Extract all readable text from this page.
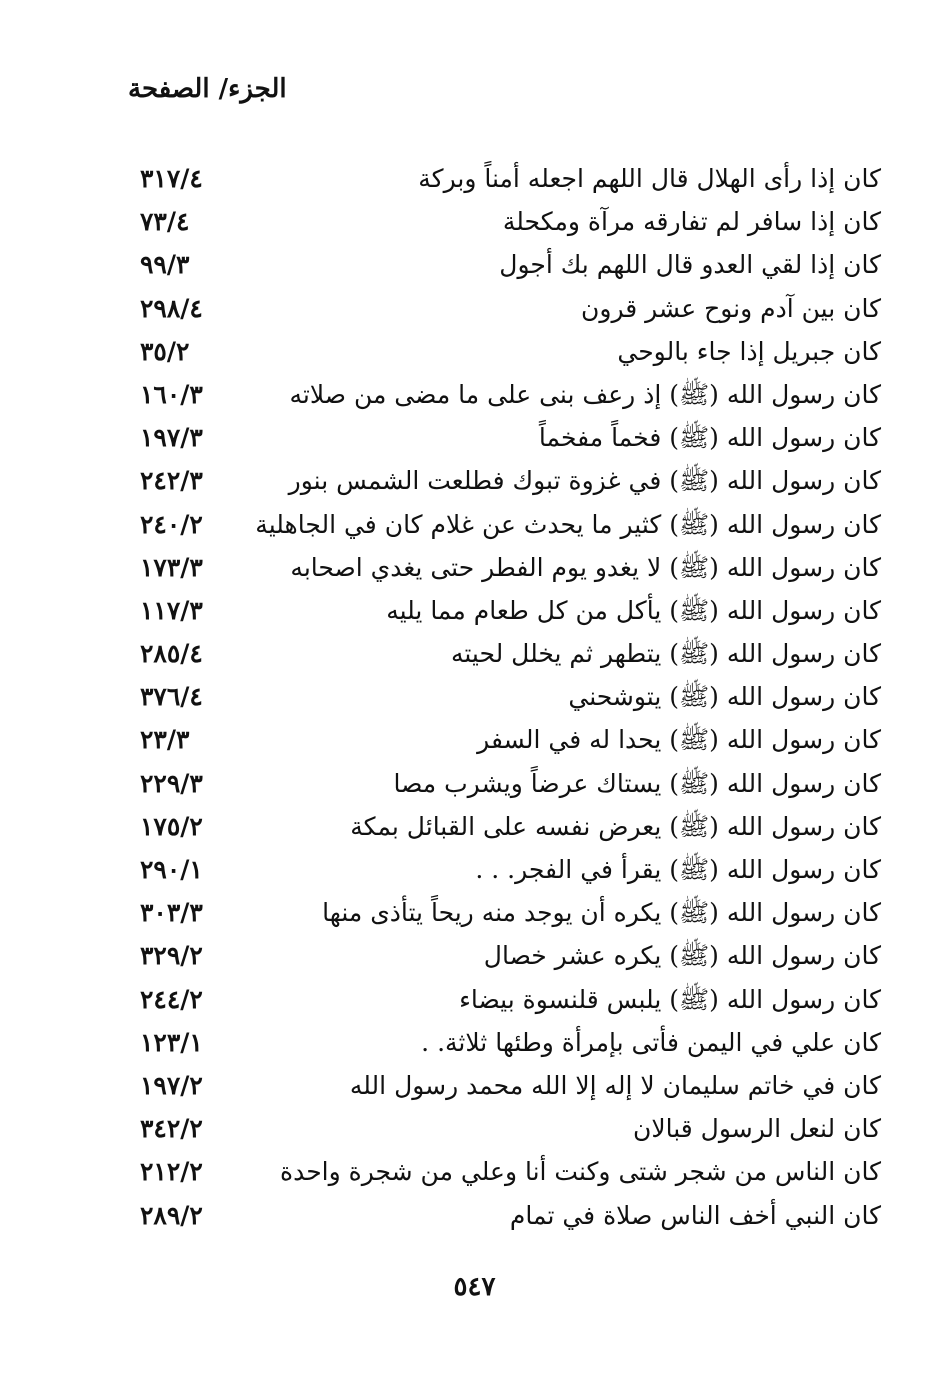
الجزء/ الصفحة
كان إذا رأى الهلال قال اللهم اجعله أمناً وبركة
٣١٧/٤
كان إذا سافر لم تفارقه مرآة ومكحلة
٧٣/٤
كان إذا لقي العدو قال اللهم بك أجول
٩٩/٣
كان بين آدم ونوح عشر قرون
٢٩٨/٤
كان جبريل إذا جاء بالوحي
٣٥/٢
كان رسول الله (ﷺ) إذ رعف بنى على ما مضى من صلاته
١٦٠/٣
كان رسول الله (ﷺ) فخماً مفخماً
١٩٧/٣
كان رسول الله (ﷺ) في غزوة تبوك فطلعت الشمس بنور
٢٤٢/٣
كان رسول الله (ﷺ) كثير ما يحدث عن غلام كان في الجاهلية
٢٤٠/٢
كان رسول الله (ﷺ) لا يغدو يوم الفطر حتى يغدي اصحابه
١٧٣/٣
كان رسول الله (ﷺ) يأكل من كل طعام مما يليه
١١٧/٣
كان رسول الله (ﷺ) يتطهر ثم يخلل لحيته
٢٨٥/٤
كان رسول الله (ﷺ) يتوشحني
٣٧٦/٤
كان رسول الله (ﷺ) يحدا له في السفر
٢٣/٣
كان رسول الله (ﷺ) يستاك عرضاً ويشرب مصا
٢٢٩/٣
كان رسول الله (ﷺ) يعرض نفسه على القبائل بمكة
١٧٥/٢
كان رسول الله (ﷺ) يقرأ في الفجر. . .
٢٩٠/١
كان رسول الله (ﷺ) يكره أن يوجد منه ريحاً يتأذى منها
٣٠٣/٣
كان رسول الله (ﷺ) يكره عشر خصال
٣٢٩/٢
كان رسول الله (ﷺ) يلبس قلنسوة بيضاء
٢٤٤/٢
كان علي في اليمن فأتى بإمرأة وطئها ثلاثة. .
١٢٣/١
كان في خاتم سليمان لا إله إلا الله محمد رسول الله
١٩٧/٢
كان لنعل الرسول قبالان
٣٤٢/٢
كان الناس من شجر شتى وكنت أنا وعلي من شجرة واحدة
٢١٢/٢
كان النبي أخف الناس صلاة في تمام
٢٨٩/٢
٥٤٧
